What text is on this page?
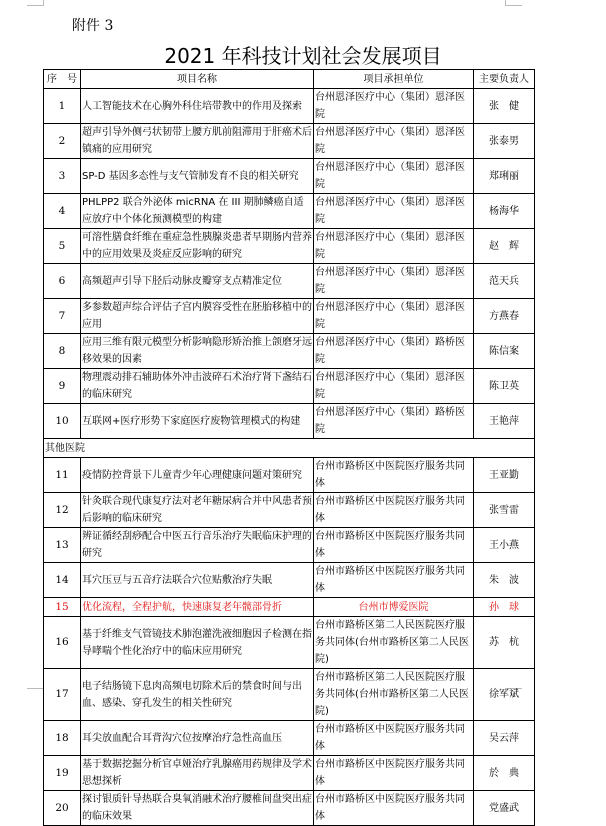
附件 3
2021 年科技计划社会发展项目
序　号	项目名称	项目承担单位	主要负责人
1	人工智能技术在心胸外科住培带教中的作用及探索	台州恩泽医疗中心（集团）恩泽医院	张　健
2	超声引导外侧弓状韧带上腰方肌前阻滞用于肝癌术后镇痛的应用研究	台州恩泽医疗中心（集团）恩泽医院	张泰男
3	SP-D 基因多态性与支气管肺发育不良的相关研究	台州恩泽医疗中心（集团）恩泽医院	郑琍丽
4	PHLPP2 联合外泌体 micRNA 在 III 期肺鳞癌自适应放疗中个体化预测模型的构建	台州恩泽医疗中心（集团）恩泽医院	杨海华
5	可溶性膳食纤维在重症急性胰腺炎患者早期肠内营养中的应用效果及炎症反应影响的研究	台州恩泽医疗中心（集团）恩泽医院	赵　辉
6	高频超声引导下胫后动脉皮瓣穿支点精准定位	台州恩泽医疗中心（集团）恩泽医院	范天兵
7	多参数超声综合评估子宫内膜容受性在胚胎移植中的应用	台州恩泽医疗中心（集团）恩泽医院	方燕春
8	应用三维有限元模型分析影响隐形矫治推上颌磨牙远移效果的因素	台州恩泽医疗中心（集团）路桥医院	陈信案
9	物理震动排石辅助体外冲击波碎石术治疗肾下盏结石的临床研究	台州恩泽医疗中心（集团）恩泽医院	陈卫英
10	互联网+医疗形势下家庭医疗废物管理模式的构建	台州恩泽医疗中心（集团）路桥医院	王艳萍
其他医院			
11	疫情防控背景下儿童青少年心理健康问题对策研究	台州市路桥区中医院医疗服务共同体	王亚勤
12	针灸联合现代康复疗法对老年糖尿病合并中风患者预后影响的临床研究	台州市路桥区中医院医疗服务共同体	张雪雷
13	辨证循经刮痧配合中医五行音乐治疗失眠临床护理的研究	台州市路桥区中医院医疗服务共同体	王小燕
14	耳穴压豆与五音疗法联合穴位贴敷治疗失眠	台州市路桥区中医院医疗服务共同体	朱　波
15	优化流程，全程护航，快速康复老年髋部骨折	台州市博爱医院	孙　球
16	基于纤维支气管镜技术肺泡灌洗液细胞因子检测在指导哮喘个性化治疗中的临床应用研究	台州市路桥区第二人民医院医疗服务共同体(台州市路桥区第二人民医院)	苏　杭
17	电子结肠镜下息肉高频电切除术后的禁食时间与出血、感染、穿孔发生的相关性研究	台州市路桥区第二人民医院医疗服务共同体(台州市路桥区第二人民医院)	徐军斌
18	耳尖放血配合耳背沟穴位按摩治疗急性高血压	台州市路桥区中医院医疗服务共同体	吴云萍
19	基于数据挖掘分析官卓娅治疗乳腺癌用药规律及学术思想探析	台州市路桥区中医院医疗服务共同体	於　典
20	探讨银质针导热联合臭氧消融术治疗腰椎间盘突出症的临床效果	台州市路桥区中医院医疗服务共同体	党盛武
